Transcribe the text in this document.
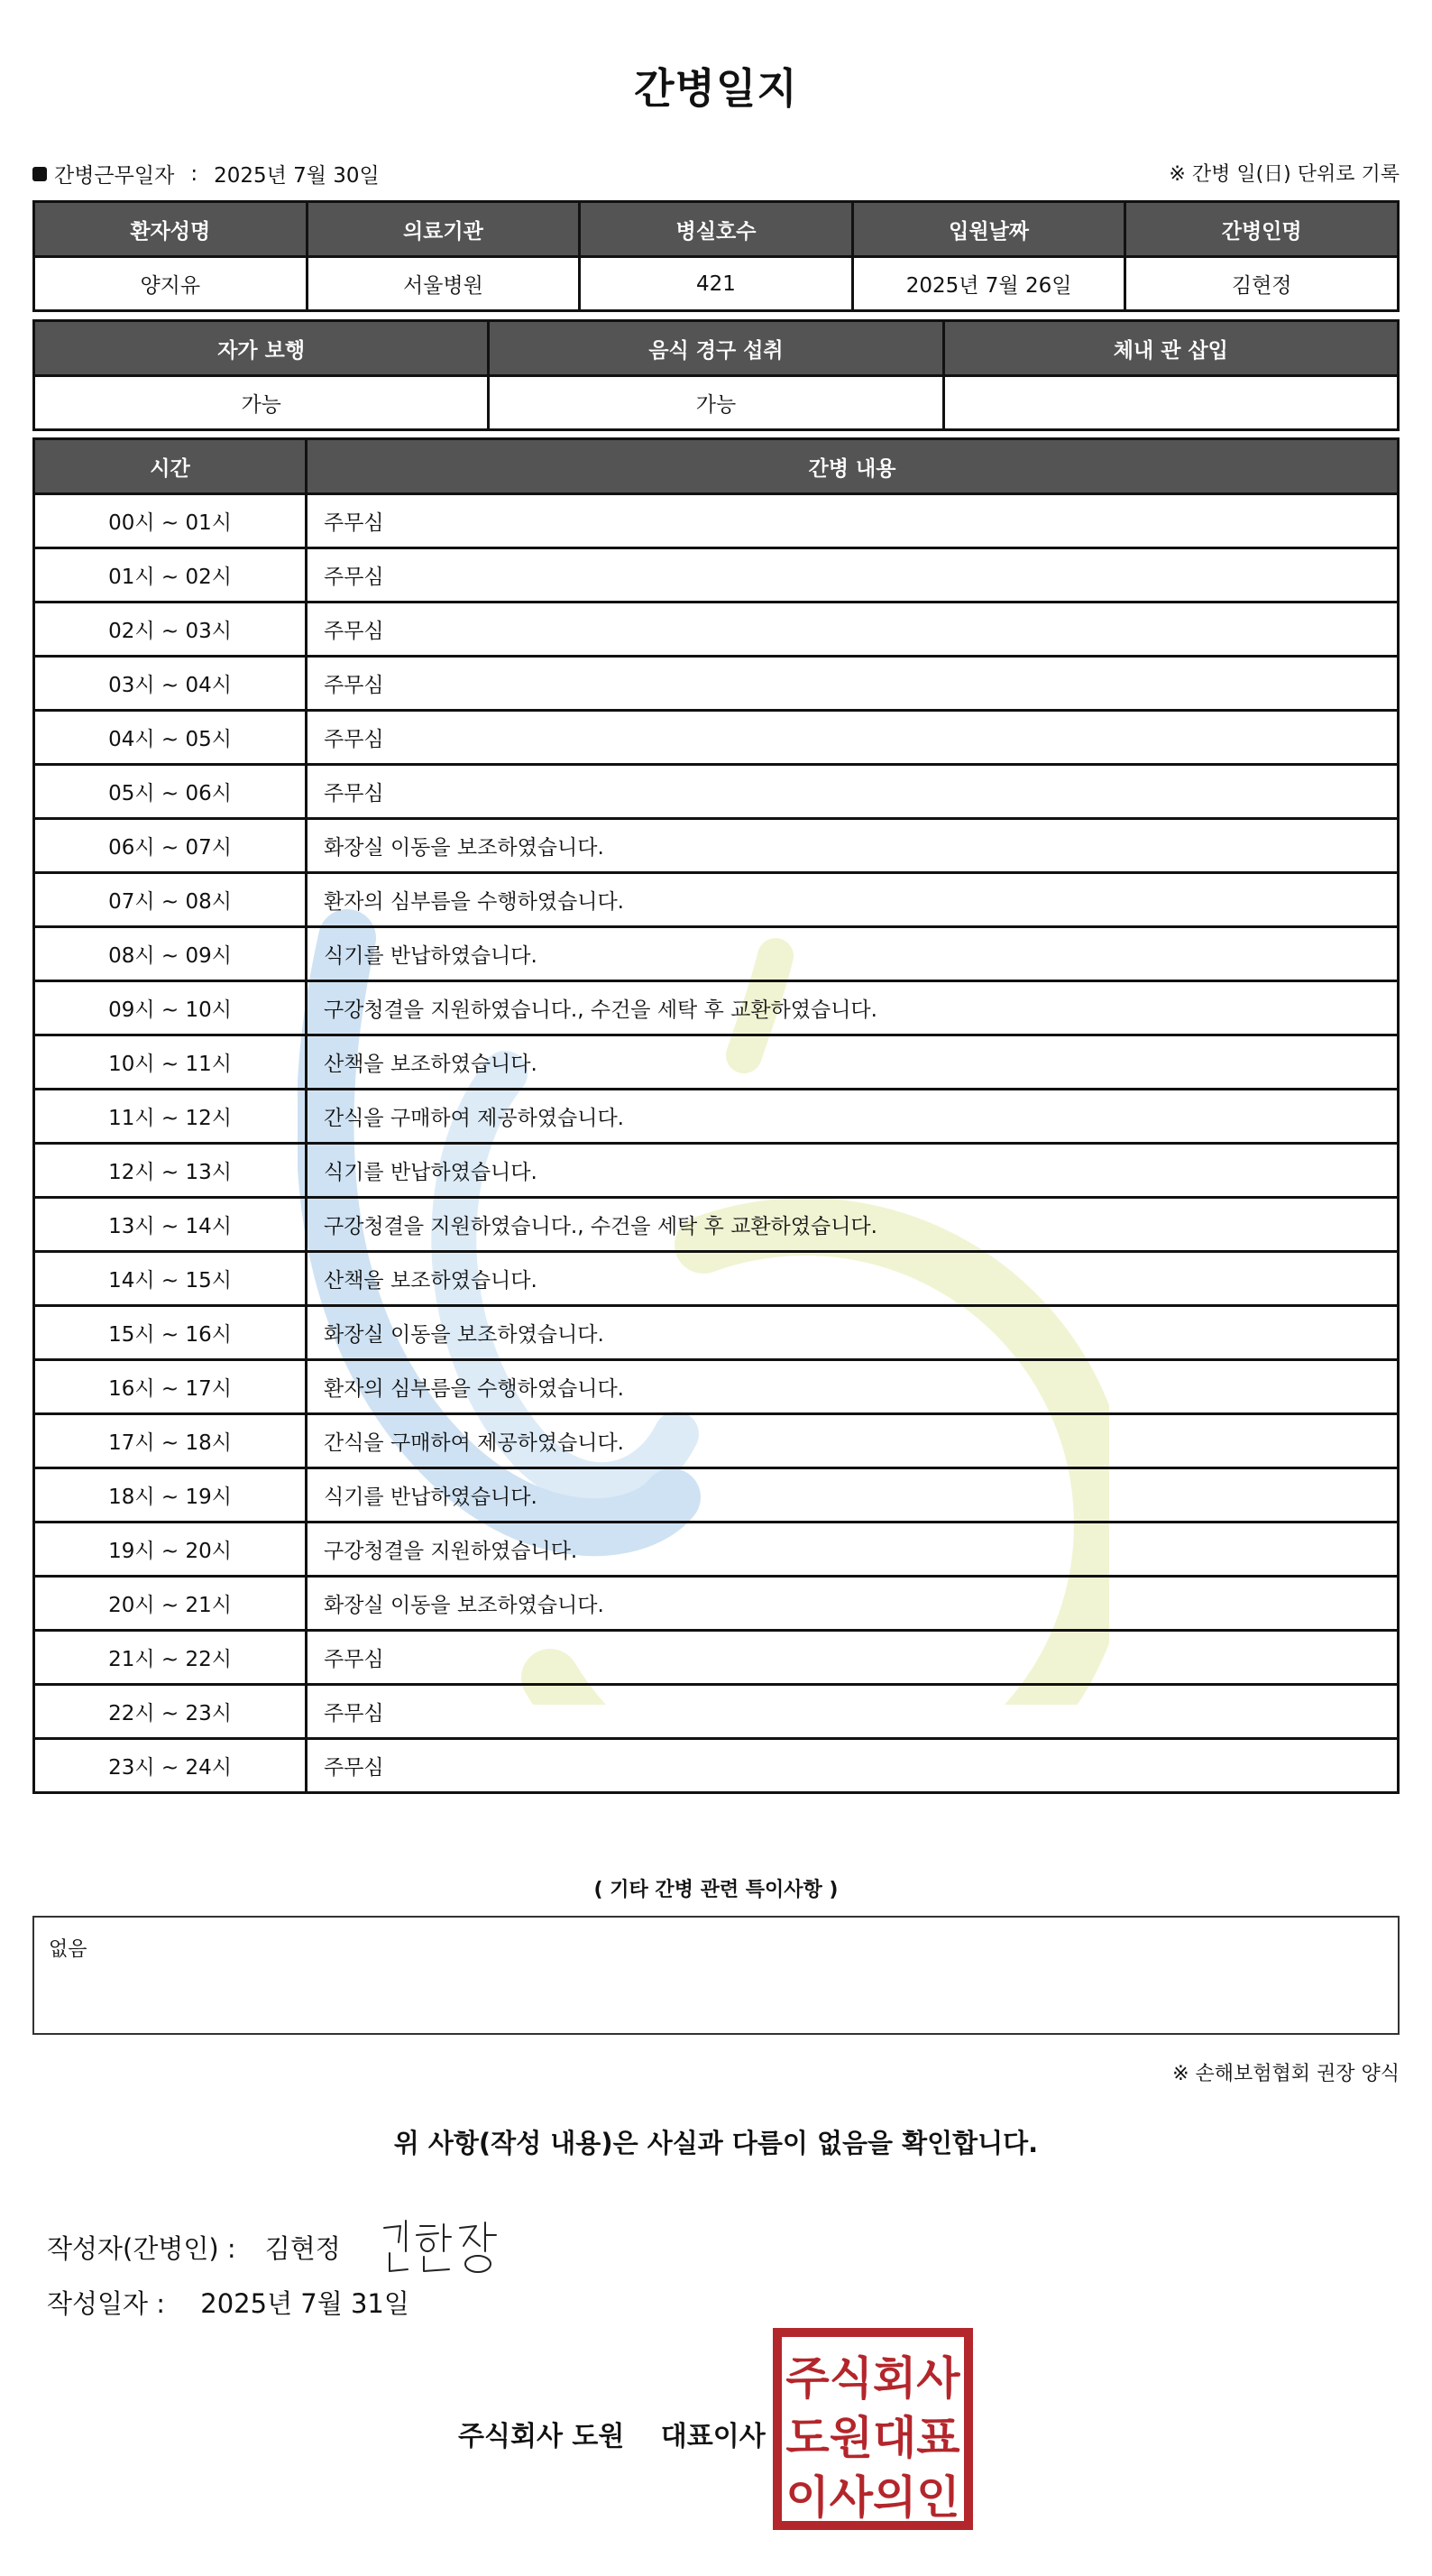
간병일지
간병근무일자 : 2025년 7월 30일	※ 간병 일(日) 단위로 기록
환자성명	의료기관	병실호수	입원날짜	간병인명
양지유	서울병원	421	2025년 7월 26일	김현정
자가 보행	음식 경구 섭취	체내 관 삽입
가능	가능	
시간	간병 내용
00시 ~ 01시	주무심
01시 ~ 02시	주무심
02시 ~ 03시	주무심
03시 ~ 04시	주무심
04시 ~ 05시	주무심
05시 ~ 06시	주무심
06시 ~ 07시	화장실 이동을 보조하였습니다.
07시 ~ 08시	환자의 심부름을 수행하였습니다.
08시 ~ 09시	식기를 반납하였습니다.
09시 ~ 10시	구강청결을 지원하였습니다., 수건을 세탁 후 교환하였습니다.
10시 ~ 11시	산책을 보조하였습니다.
11시 ~ 12시	간식을 구매하여 제공하였습니다.
12시 ~ 13시	식기를 반납하였습니다.
13시 ~ 14시	구강청결을 지원하였습니다., 수건을 세탁 후 교환하였습니다.
14시 ~ 15시	산책을 보조하였습니다.
15시 ~ 16시	화장실 이동을 보조하였습니다.
16시 ~ 17시	환자의 심부름을 수행하였습니다.
17시 ~ 18시	간식을 구매하여 제공하였습니다.
18시 ~ 19시	식기를 반납하였습니다.
19시 ~ 20시	구강청결을 지원하였습니다.
20시 ~ 21시	화장실 이동을 보조하였습니다.
21시 ~ 22시	주무심
22시 ~ 23시	주무심
23시 ~ 24시	주무심
( 기타 간병 관련 특이사항 )
없음
※ 손해보험협회 권장 양식
위 사항(작성 내용)은 사실과 다름이 없음을 확인합니다.
작성자(간병인) : 김현정
작성일자 : 2025년 7월 31일
주식회사 도원 대표이사
주식회사
도원대표
이사의인
